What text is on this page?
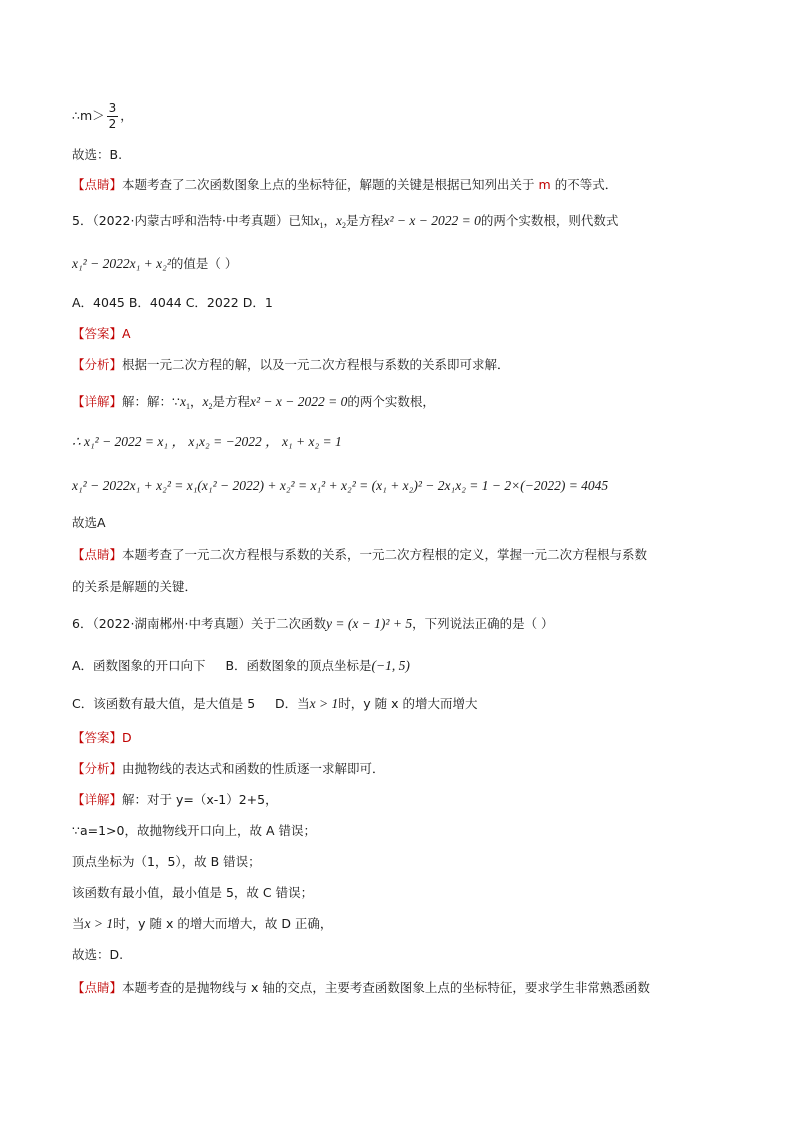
∴m＞ $\frac{3}{2}$ ，
故选：B.
【点睛】本题考查了二次函数图象上点的坐标特征，解题的关键是根据已知列出关于 m 的不等式．
5．（2022·内蒙古呼和浩特·中考真题）已知$x_1$，$x_2$是方程x² − x − 2022 = 0的两个实数根，则代数式
x₁² − 2022x₁ + x₂²的值是（ ）
A．4045 B．4044 C．2022 D．1
【答案】A
【分析】根据一元二次方程的解，以及一元二次方程根与系数的关系即可求解．
【详解】解：解：$\because x_1$，$x_2$是方程x² − x − 2022 = 0的两个实数根，
∴ x₁² − 2022 = x₁ ， x₁x₂ = −2022 ， x₁ + x₂ = 1
x₁² − 2022x₁ + x₂² = x₁(x₁² − 2022) + x₂² = x₁² + x₂² = (x₁ + x₂)² − 2x₁x₂ = 1 − 2×(−2022) = 4045
故选A
【点睛】本题考查了一元二次方程根与系数的关系，一元二次方程根的定义，掌握一元二次方程根与系数
的关系是解题的关键．
6．（2022·湖南郴州·中考真题）关于二次函数y = (x − 1)² + 5，下列说法正确的是（ ）
A．函数图象的开口向下 B．函数图象的顶点坐标是(−1, 5)
C．该函数有最大值，是大值是 5 D．当x > 1时，y 随 x 的增大而增大
【答案】D
【分析】由抛物线的表达式和函数的性质逐一求解即可．
【详解】解：对于 y=（x-1）2+5，
∵a=1>0，故抛物线开口向上，故 A 错误；
顶点坐标为（1，5），故 B 错误；
该函数有最小值，最小值是 5，故 C 错误；
当x > 1时，y 随 x 的增大而增大，故 D 正确，
故选：D.
【点睛】本题考查的是抛物线与 x 轴的交点，主要考查函数图象上点的坐标特征，要求学生非常熟悉函数
